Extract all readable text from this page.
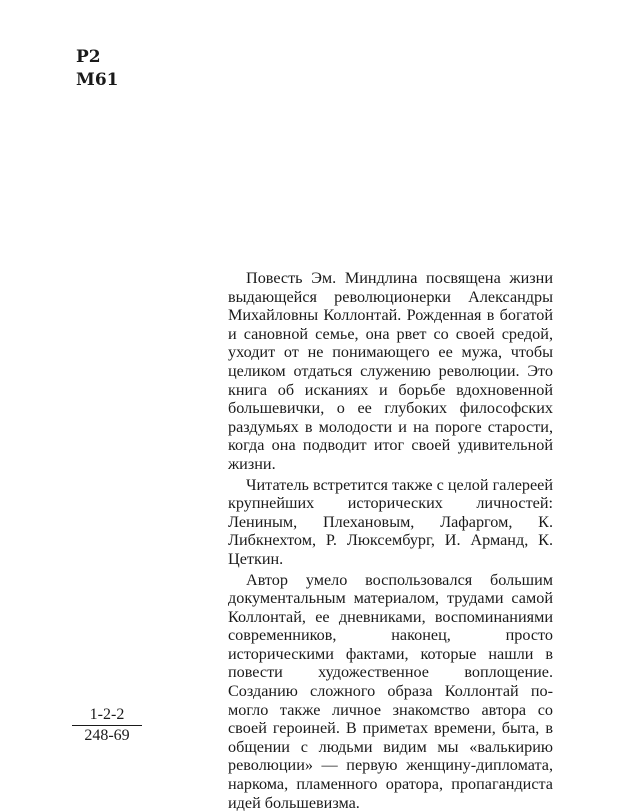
Р2
М61

Повесть Эм. Миндлина посвящена жизни выдающейся революционерки Александры Михайловны Коллонтай. Рожденная в богатой и сановной семье, она рвет со своей средой, уходит от не понимающего ее мужа, чтобы целиком отдаться служению революции. Это книга об исканиях и борьбе вдохновенной большевички, о ее глубоких философских раздумьях в молодости и на пороге старости, когда она подводит итог своей удивительной жизни.

Читатель встретится также с целой галереей крупнейших исторических личностей: Лениным, Плехановым, Лафаргом, К. Либкнехтом, Р. Люксембург, И. Арманд, К. Цеткин.

Автор умело воспользовался большим документальным материалом, трудами самой Коллонтай, ее дневниками, воспоминаниями современников, наконец, просто историческими фактами, которые нашли в повести художественное воплощение. Созданию сложного образа Коллонтай помогло также личное знакомство автора со своей героиней. В приметах времени, быта, в общении с людьми видим мы «валькирию революции» — первую женщину-дипломата, наркома, пламенного оратора, пропагандиста идей большевизма.

$\frac{1-2-2}{248-69}$
